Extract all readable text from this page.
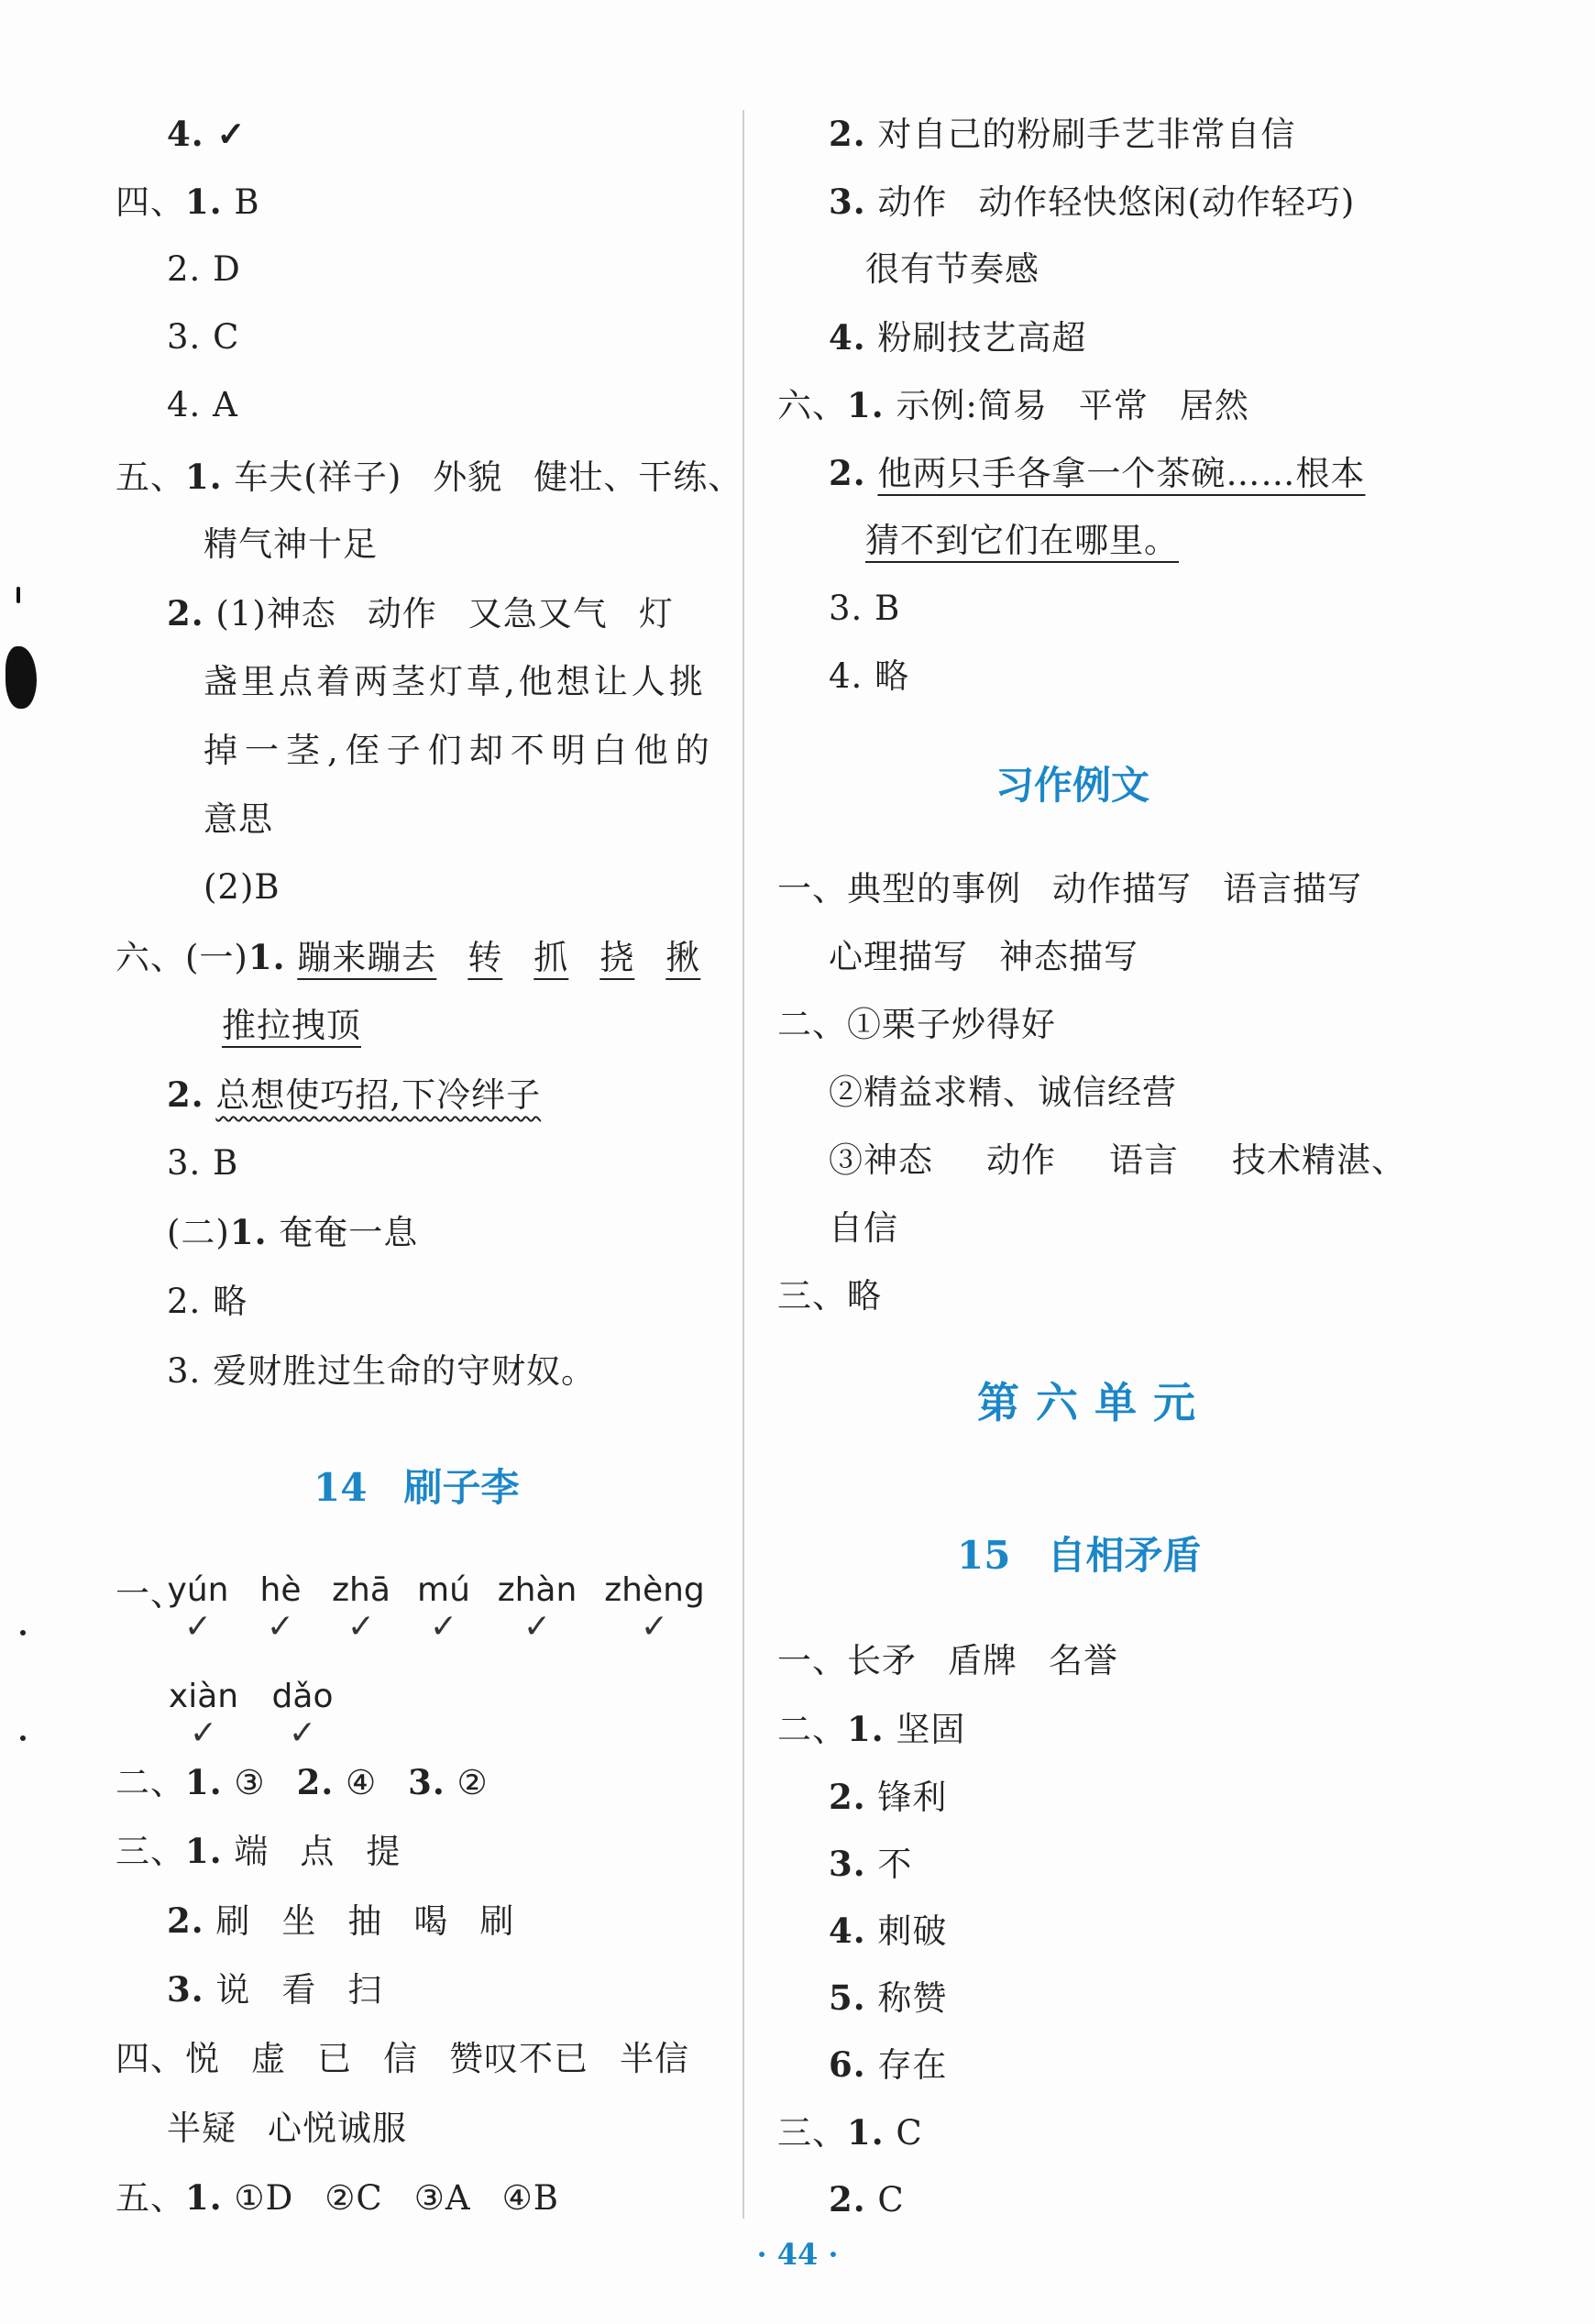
4. ✓
四、1. B
2. D
3. C
4. A
五、1. 车夫(祥子) 外貌 健壮、干练、
精气神十足
2. (1)神态 动作 又急又气 灯
盏里点着两茎灯草,他想让人挑
掉一茎,侄子们却不明白他的
意思
(2)B
六、(一)1. 蹦来蹦去 转 抓 挠 揪
推拉拽顶
2. 总想使巧招,下冷绊子
3. B
(二)1. 奄奄一息
2. 略
3. 爱财胜过生命的守财奴。
14 刷子李
一、
yún
✓
hè
✓
zhā
✓
mú
✓
zhàn
✓
zhèng
✓
xiàn
✓
dǎo
✓
二、1. ③ 2. ④ 3. ②
三、1. 端 点 提
2. 刷 坐 抽 喝 刷
3. 说 看 扫
四、悦 虚 已 信 赞叹不已 半信
半疑 心悦诚服
五、1. ①D ②C ③A ④B
2. 对自己的粉刷手艺非常自信
3. 动作 动作轻快悠闲(动作轻巧)
很有节奏感
4. 粉刷技艺高超
六、1. 示例:简易 平常 居然
2. 他两只手各拿一个茶碗……根本
猜不到它们在哪里。
3. B
4. 略
习作例文
一、典型的事例 动作描写 语言描写
心理描写 神态描写
二、①栗子炒得好
②精益求精、诚信经营
③神态 动作 语言 技术精湛、
自信
三、略
第六单元
15 自相矛盾
一、长矛 盾牌 名誉
二、1. 坚固
2. 锋利
3. 不
4. 刺破
5. 称赞
6. 存在
三、1. C
2. C
· 44 ·
